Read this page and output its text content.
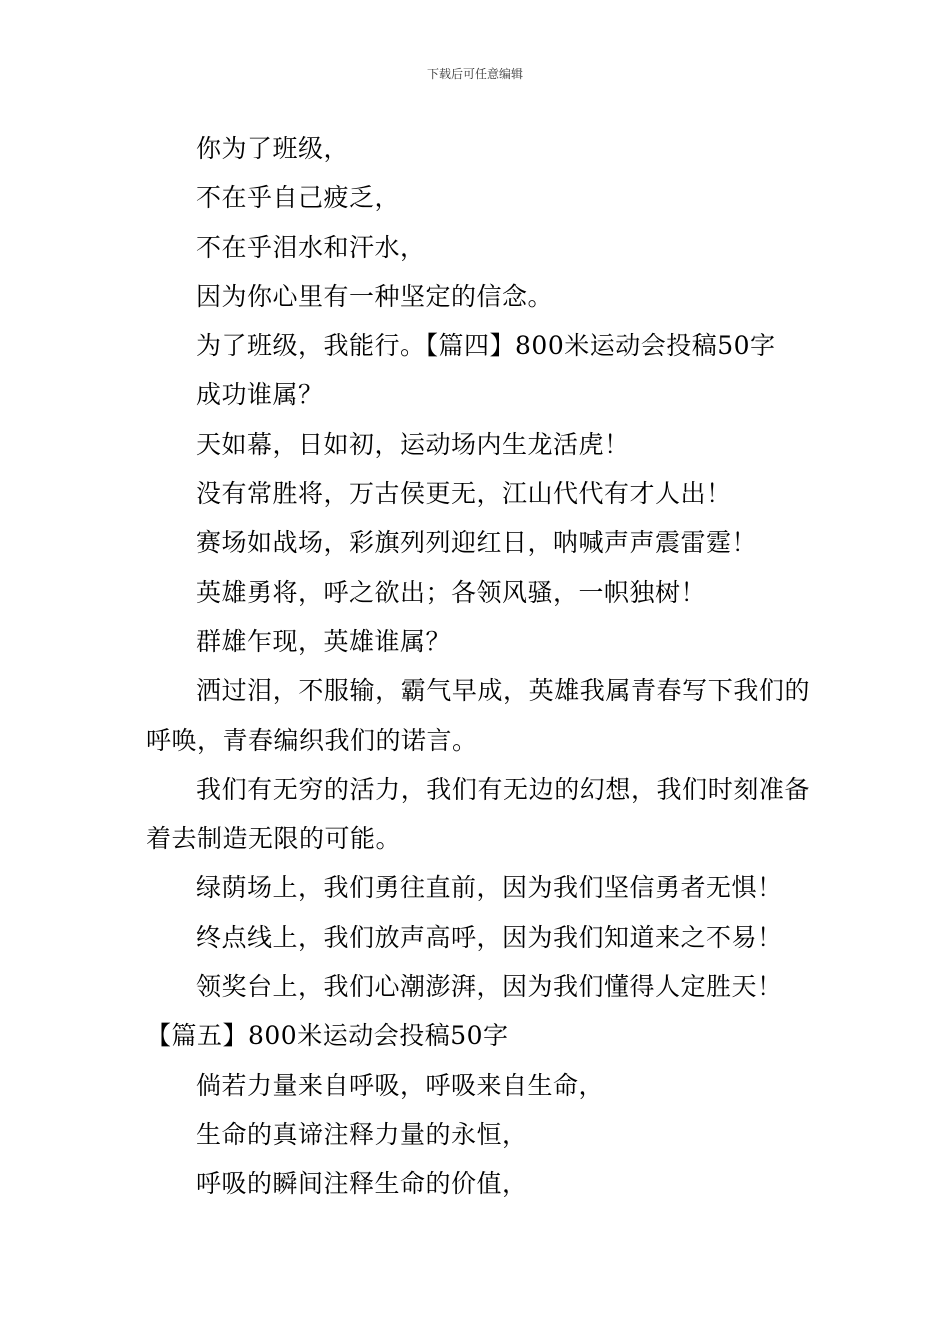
下载后可任意编辑

你为了班级，

不在乎自己疲乏，

不在乎泪水和汗水，

因为你心里有一种坚定的信念。

为了班级，我能行。【篇四】800米运动会投稿50字

成功谁属？

天如幕，日如初，运动场内生龙活虎！

没有常胜将，万古侯更无，江山代代有才人出！

赛场如战场，彩旗列列迎红日，呐喊声声震雷霆！

英雄勇将，呼之欲出；各领风骚，一帜独树！

群雄乍现，英雄谁属？

洒过泪，不服输，霸气早成，英雄我属青春写下我们的呼唤，青春编织我们的诺言。

我们有无穷的活力，我们有无边的幻想，我们时刻准备着去制造无限的可能。

绿荫场上，我们勇往直前，因为我们坚信勇者无惧！

终点线上，我们放声高呼，因为我们知道来之不易！

领奖台上，我们心潮澎湃，因为我们懂得人定胜天！

【篇五】800米运动会投稿50字

倘若力量来自呼吸，呼吸来自生命，

生命的真谛注释力量的永恒，

呼吸的瞬间注释生命的价值，
